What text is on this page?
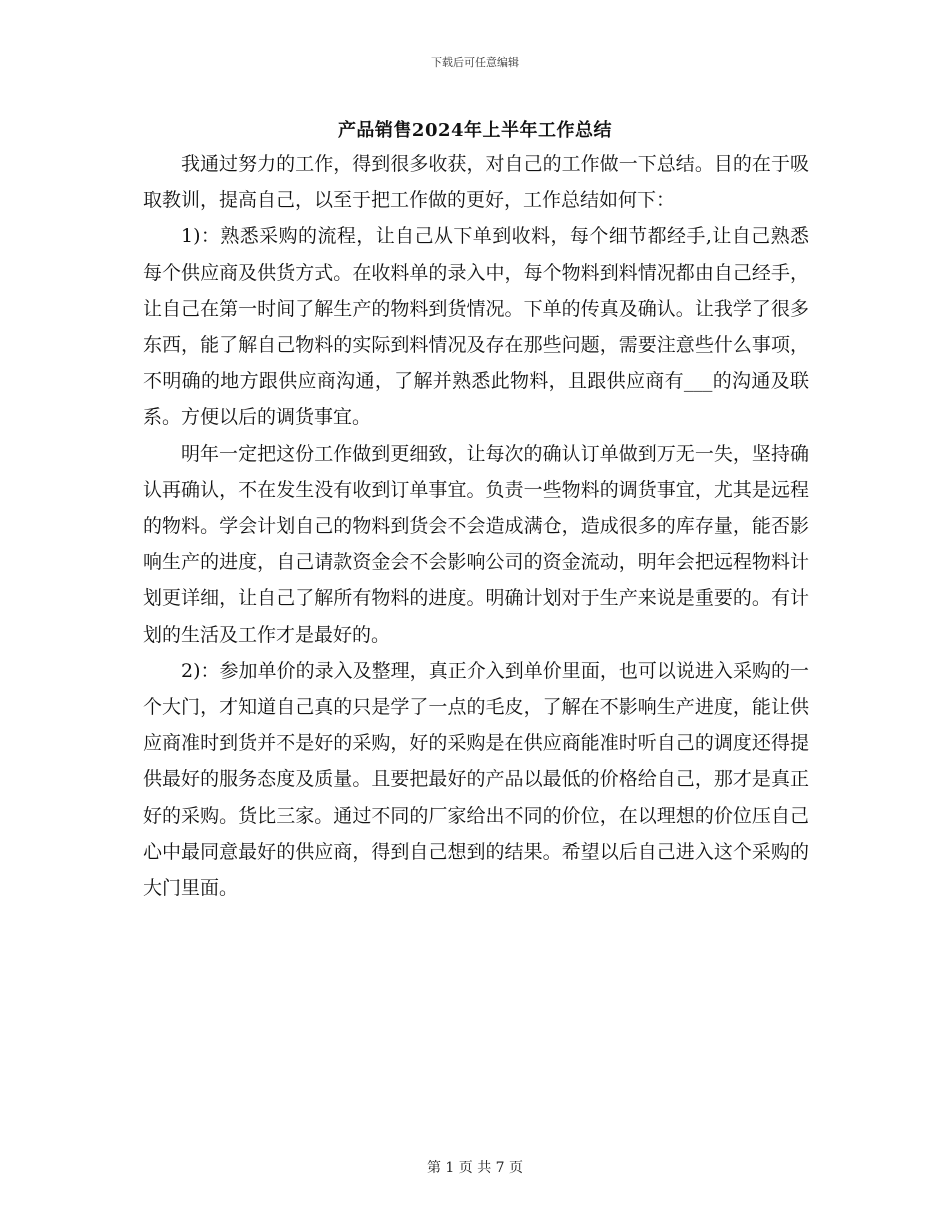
下载后可任意编辑
产品销售2024年上半年工作总结

我通过努力的工作，得到很多收获，对自己的工作做一下总结。目的在于吸取教训，提高自己，以至于把工作做的更好，工作总结如何下：

1)：熟悉采购的流程，让自己从下单到收料，每个细节都经手,让自己熟悉每个供应商及供货方式。在收料单的录入中，每个物料到料情况都由自己经手，让自己在第一时间了解生产的物料到货情况。下单的传真及确认。让我学了很多东西，能了解自己物料的实际到料情况及存在那些问题，需要注意些什么事项，不明确的地方跟供应商沟通，了解并熟悉此物料，且跟供应商有___的沟通及联系。方便以后的调货事宜。

明年一定把这份工作做到更细致，让每次的确认订单做到万无一失，坚持确认再确认，不在发生没有收到订单事宜。负责一些物料的调货事宜，尤其是远程的物料。学会计划自己的物料到货会不会造成满仓，造成很多的库存量，能否影响生产的进度，自己请款资金会不会影响公司的资金流动，明年会把远程物料计划更详细，让自己了解所有物料的进度。明确计划对于生产来说是重要的。有计划的生活及工作才是最好的。

2)：参加单价的录入及整理，真正介入到单价里面，也可以说进入采购的一个大门，才知道自己真的只是学了一点的毛皮，了解在不影响生产进度，能让供应商准时到货并不是好的采购，好的采购是在供应商能准时听自己的调度还得提供最好的服务态度及质量。且要把最好的产品以最低的价格给自己，那才是真正好的采购。货比三家。通过不同的厂家给出不同的价位，在以理想的价位压自己心中最同意最好的供应商，得到自己想到的结果。希望以后自己进入这个采购的大门里面。

第 1 页 共 7 页
